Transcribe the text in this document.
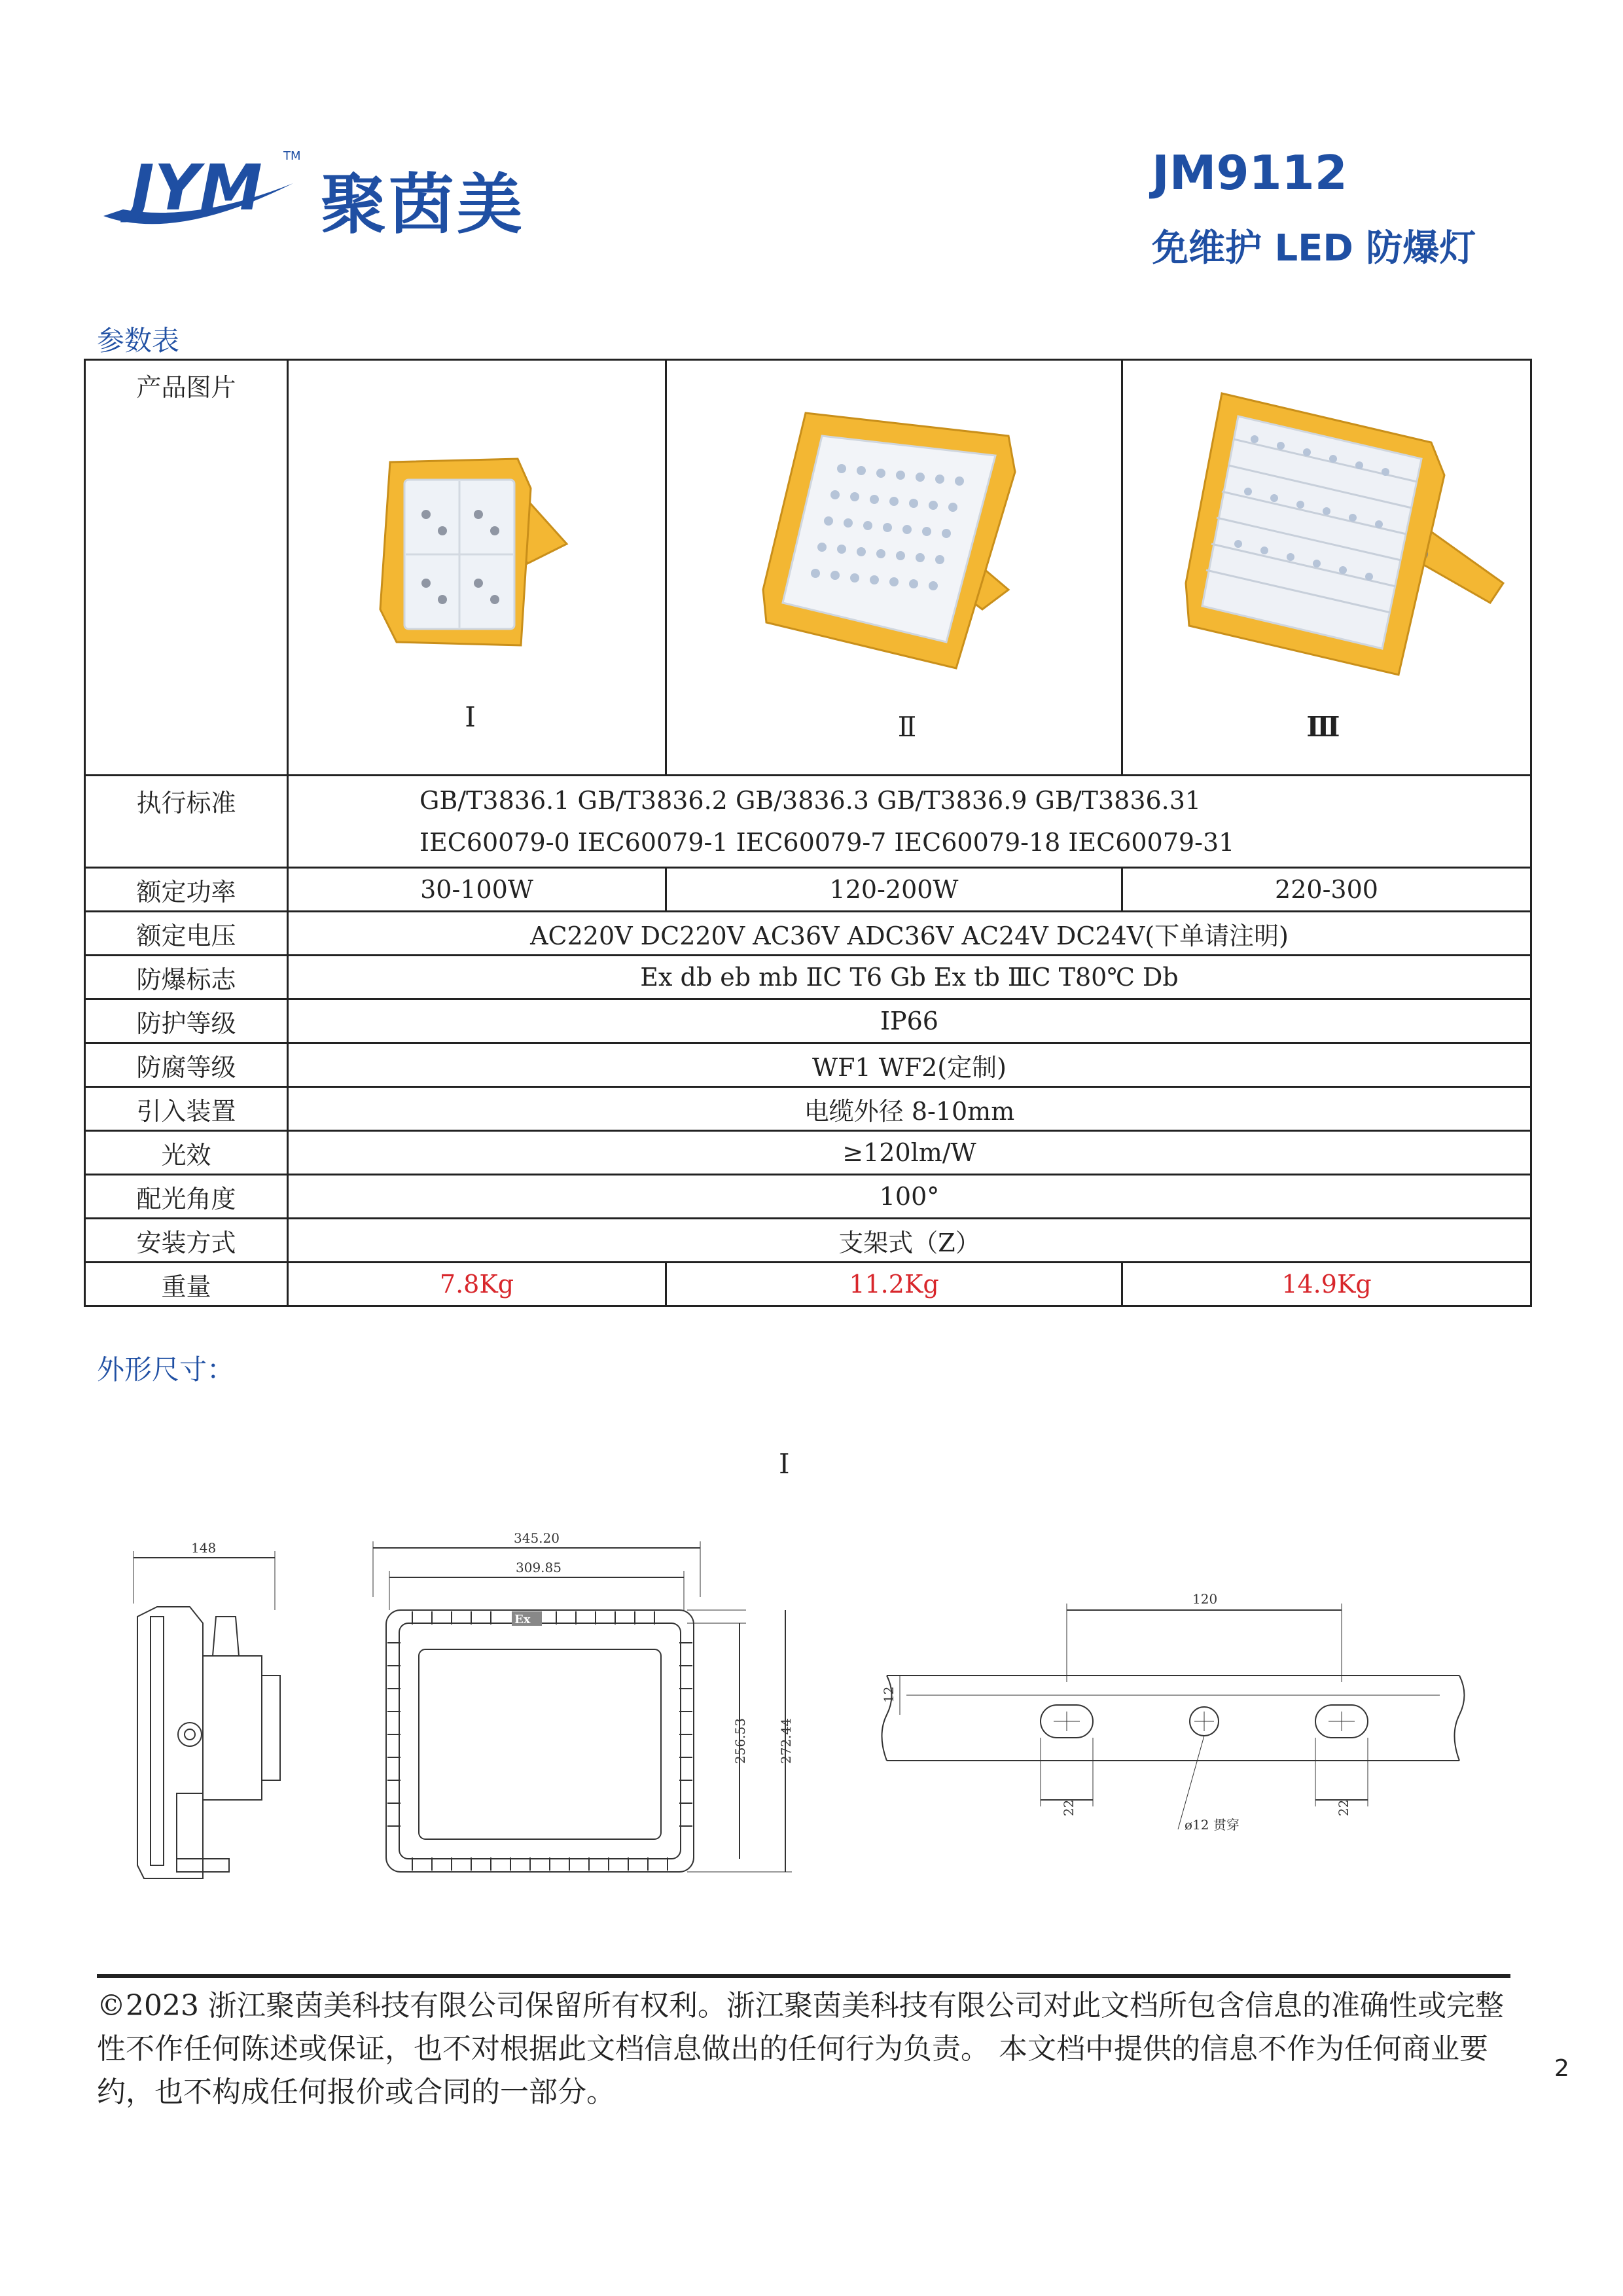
JYM TM
聚茵美	JM9112
免维护 LED 防爆灯
参数表
产品图片	Ⅰ	Ⅱ	Ⅲ

执行标准	GB/T3836.1 GB/T3836.2 GB/3836.3 GB/T3836.9 GB/T3836.31
IEC60079-0 IEC60079-1 IEC60079-7 IEC60079-18 IEC60079-31		

额定功率	30-100W	120-200W	220-300
额定电压	AC220V DC220V AC36V ADC36V AC24V DC24V(下单请注明)		
防爆标志	Ex db eb mb ⅡC T6 Gb Ex tb ⅢC T80℃ Db		
防护等级	IP66		
防腐等级	WF1 WF2(定制)		
引入装置	电缆外径 8-10mm		
光效	≥120lm/W		
配光角度	100°		
安装方式	支架式（Z）		
重量	7.8Kg	11.2Kg	14.9Kg
外形尺寸：
Ⅰ
148
345.20
309.85
Ex
256.53 272.44
120
12
22	22
ø12 贯穿
©2023 浙江聚茵美科技有限公司保留所有权利。浙江聚茵美科技有限公司对此文档所包含信息的准确性或完整性不作任何陈述或保证，也不对根据此文档信息做出的任何行为负责。 本文档中提供的信息不作为任何商业要约，也不构成任何报价或合同的一部分。
2
